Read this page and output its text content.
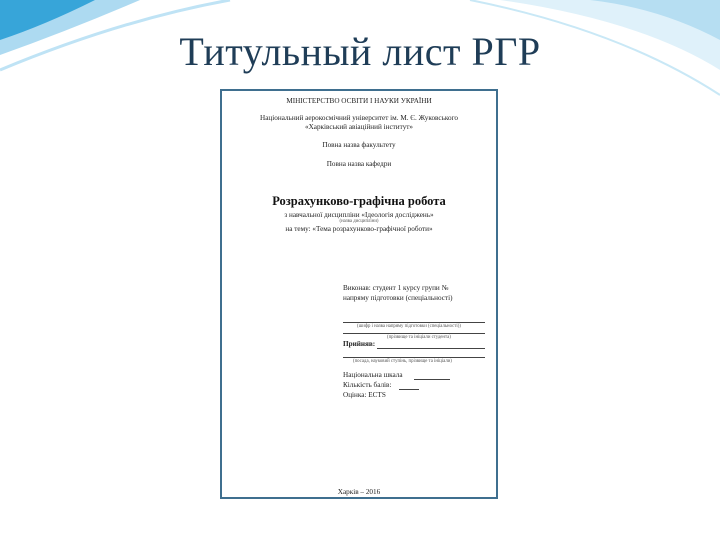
Титульный лист РГР
МІНІСТЕРСТВО ОСВІТИ І НАУКИ УКРАЇНИ
Національний аерокосмічний університет ім. М. Є. Жуковського
«Харківський авіаційний інститут»
Повна назва факультету
Повна назва кафедри
Розрахунково-графічна робота
з навчальної дисципліни «Ідеологія досліджень»
(назва дисципліни)
на тему: «Тема розрахунково-графічної роботи»
Виконав: студент 1 курсу групи №
напряму підготовки (спеціальності)
(шифр і назва напряму підготовки (спеціальності))
(прізвище та ініціали студента)
Прийняв:
(посада, науковий ступінь, прізвище та ініціали)
Національна шкала
Кількість балів:
Оцінка: ECTS
Харків – 2016
